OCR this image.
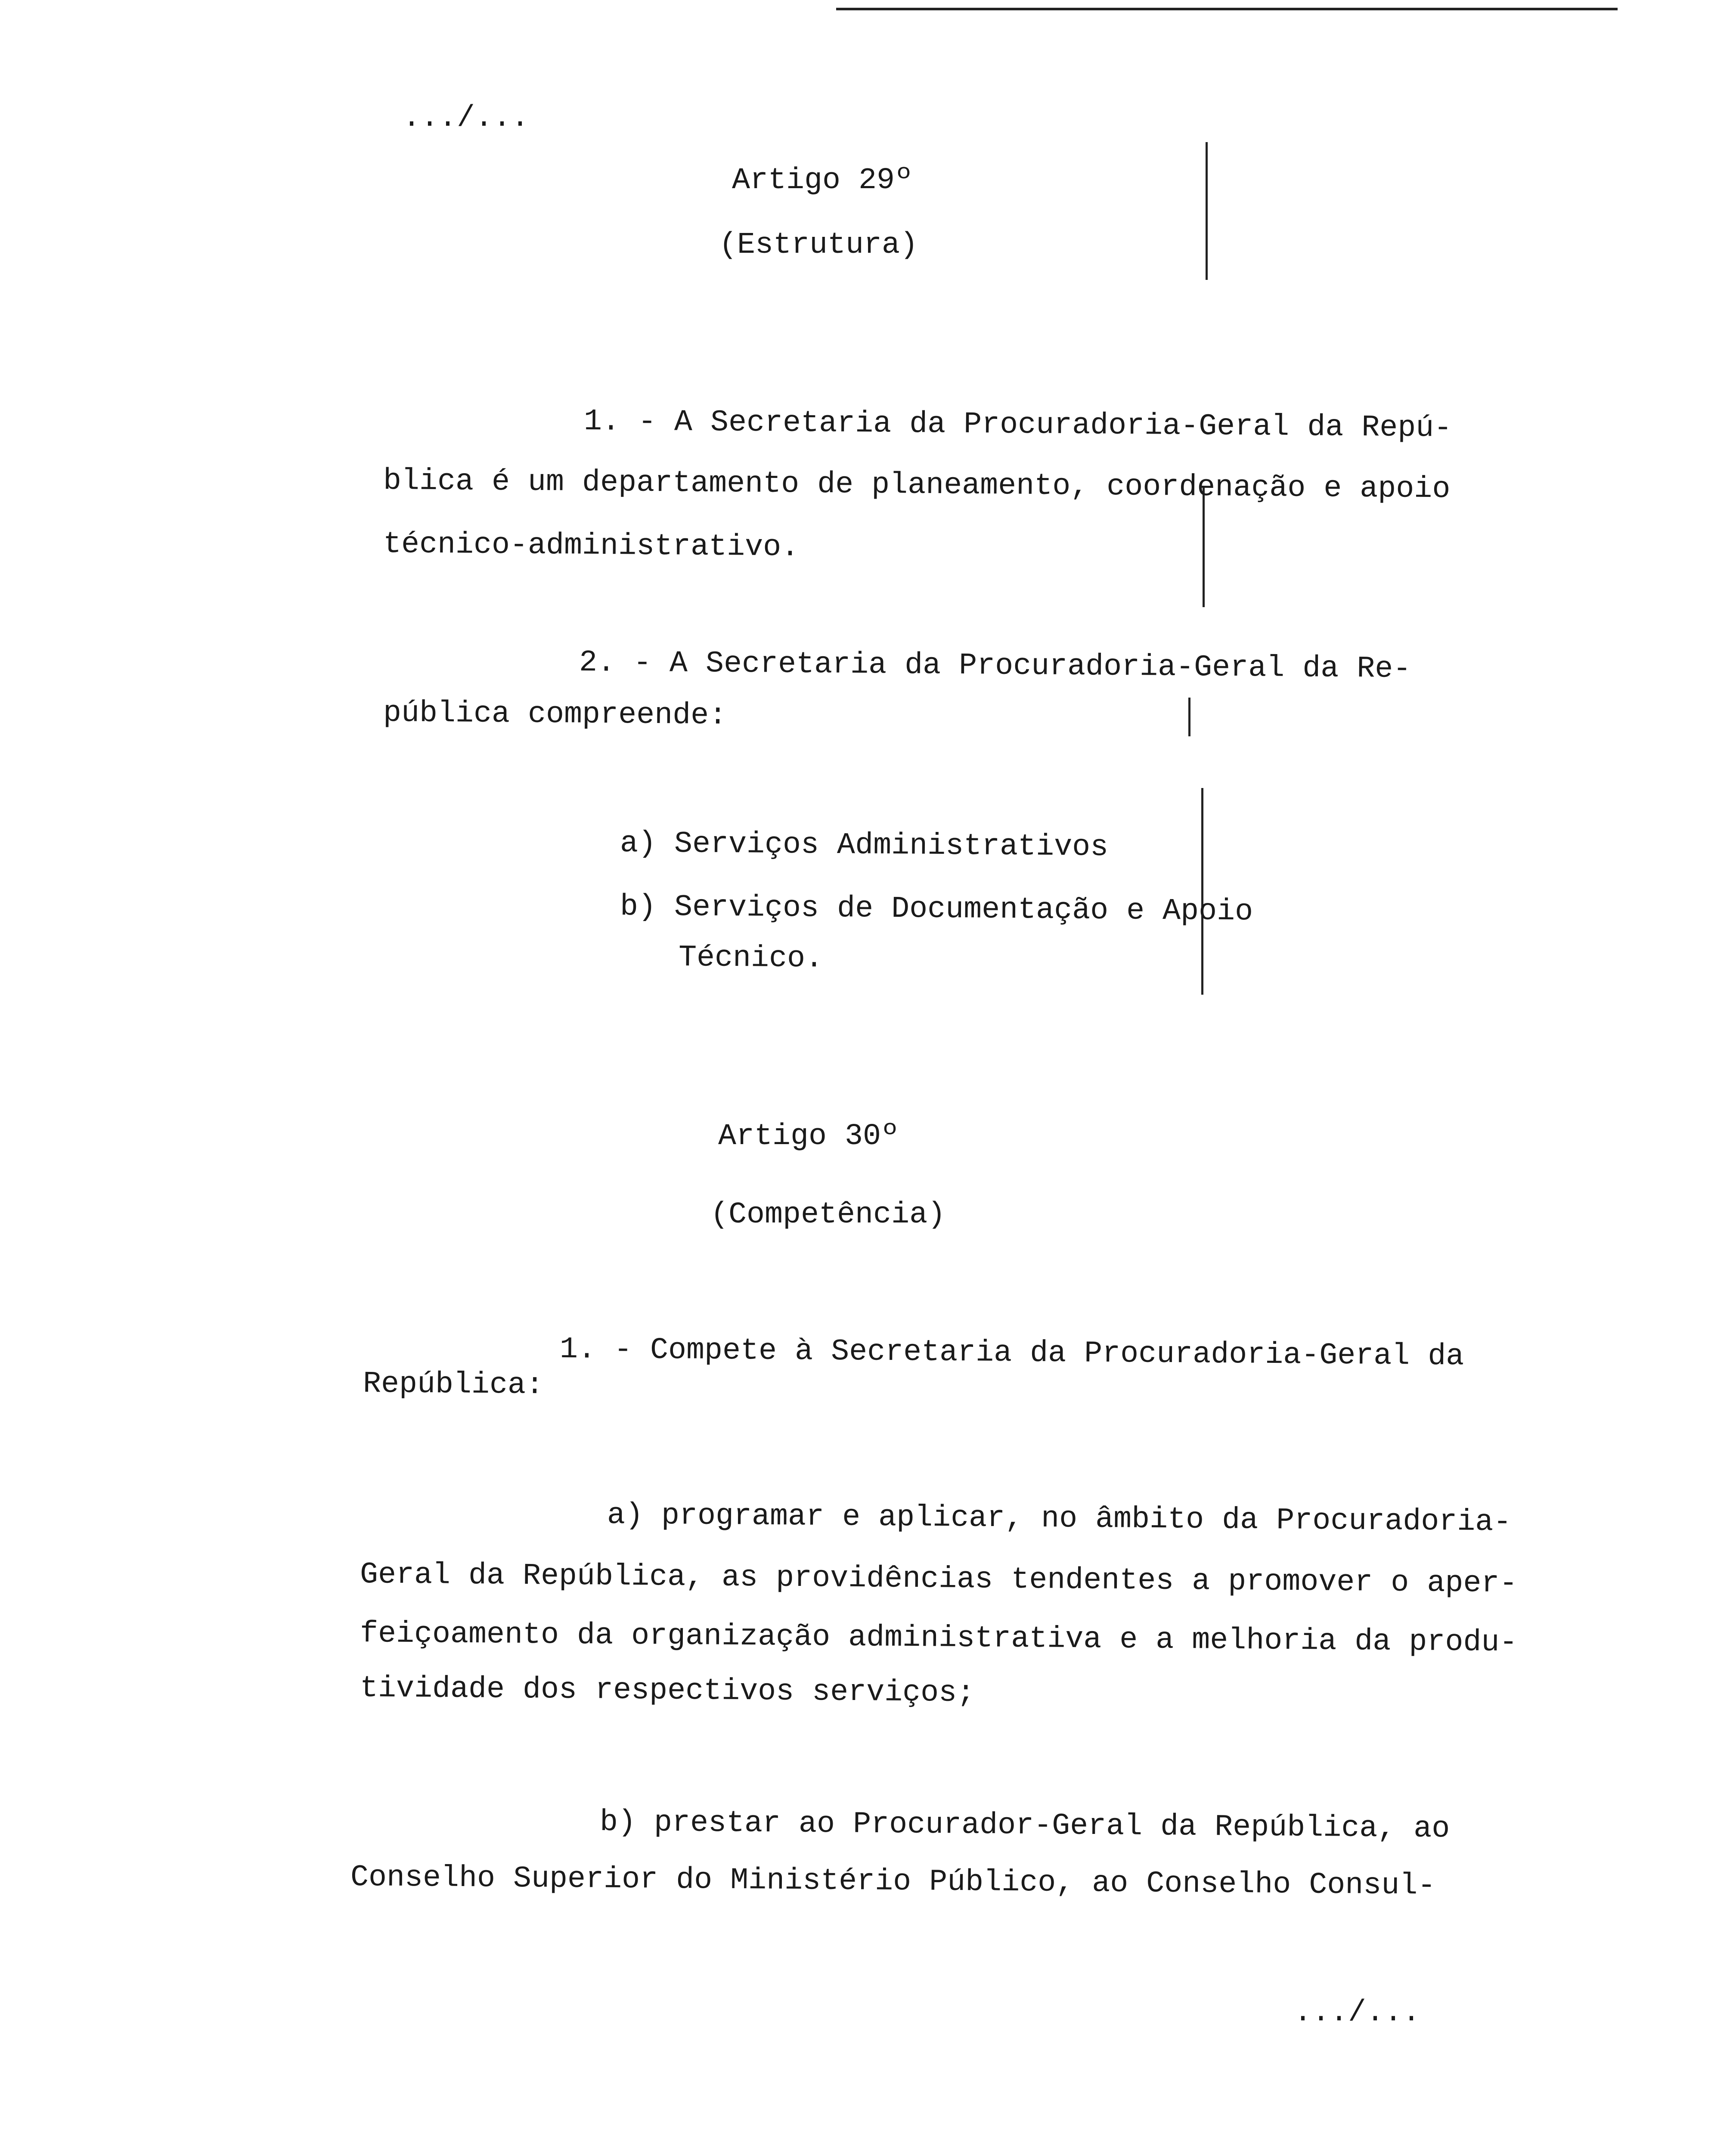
.../...
Artigo 29º
(Estrutura)
1. - A Secretaria da Procuradoria-Geral da Repú-
blica é um departamento de planeamento, coordenação e apoio
técnico-administrativo.
2. - A Secretaria da Procuradoria-Geral da Re-
pública compreende:
a) Serviços Administrativos
b) Serviços de Documentação e Apoio
Técnico.
Artigo 30º
(Competência)
1. - Compete à Secretaria da Procuradoria-Geral da
República:
a) programar e aplicar, no âmbito da Procuradoria-
Geral da República, as providências tendentes a promover o aper-
feiçoamento da organização administrativa e a melhoria da produ-
tividade dos respectivos serviços;
b) prestar ao Procurador-Geral da República, ao
Conselho Superior do Ministério Público, ao Conselho Consul-
.../...
